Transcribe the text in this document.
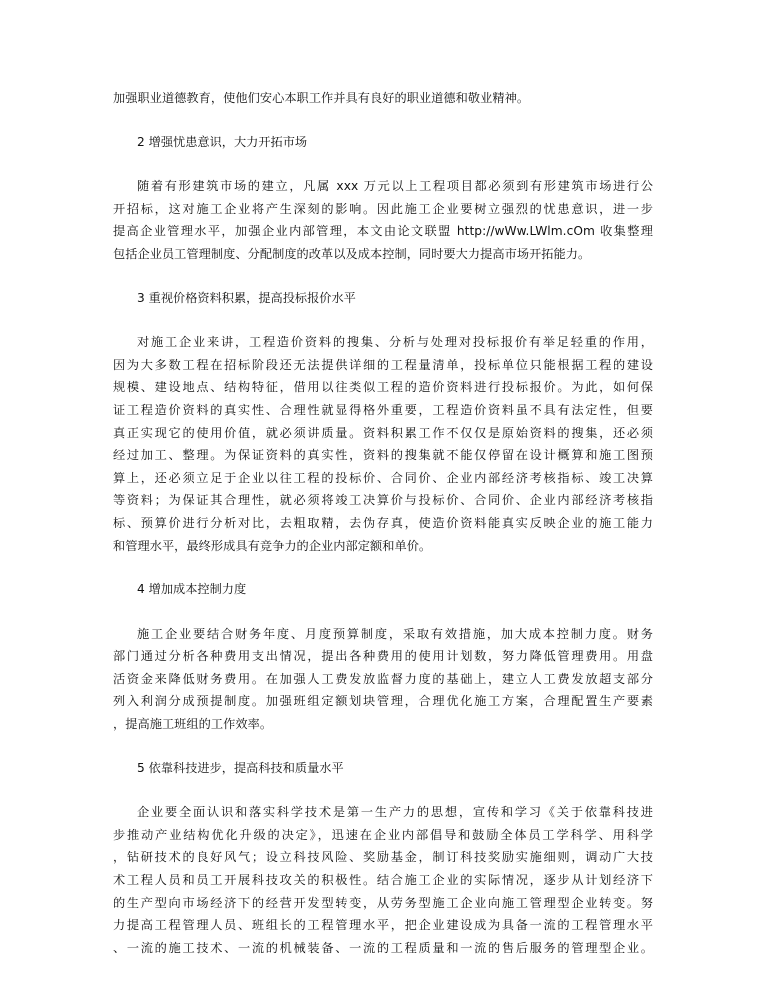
加强职业道德教育，使他们安心本职工作并具有良好的职业道德和敬业精神。

2 增强忧患意识，大力开拓市场

随着有形建筑市场的建立，凡属 xxx 万元以上工程项目都必须到有形建筑市场进行公
开招标，这对施工企业将产生深刻的影响。因此施工企业要树立强烈的忧患意识，进一步
提高企业管理水平，加强企业内部管理，本文由论文联盟 http://wWw.LWlm.cOm 收集整理
包括企业员工管理制度、分配制度的改革以及成本控制，同时要大力提高市场开拓能力。

3 重视价格资料积累，提高投标报价水平

对施工企业来讲，工程造价资料的搜集、分析与处理对投标报价有举足轻重的作用，
因为大多数工程在招标阶段还无法提供详细的工程量清单，投标单位只能根据工程的建设
规模、建设地点、结构特征，借用以往类似工程的造价资料进行投标报价。为此，如何保
证工程造价资料的真实性、合理性就显得格外重要，工程造价资料虽不具有法定性，但要
真正实现它的使用价值，就必须讲质量。资料积累工作不仅仅是原始资料的搜集，还必须
经过加工、整理。为保证资料的真实性，资料的搜集就不能仅停留在设计概算和施工图预
算上，还必须立足于企业以往工程的投标价、合同价、企业内部经济考核指标、竣工决算
等资料；为保证其合理性，就必须将竣工决算价与投标价、合同价、企业内部经济考核指
标、预算价进行分析对比，去粗取精，去伪存真，使造价资料能真实反映企业的施工能力
和管理水平，最终形成具有竞争力的企业内部定额和单价。

4 增加成本控制力度

施工企业要结合财务年度、月度预算制度，采取有效措施，加大成本控制力度。财务
部门通过分析各种费用支出情况，提出各种费用的使用计划数，努力降低管理费用。用盘
活资金来降低财务费用。在加强人工费发放监督力度的基础上，建立人工费发放超支部分
列入利润分成预提制度。加强班组定额划块管理，合理优化施工方案，合理配置生产要素
，提高施工班组的工作效率。

5 依靠科技进步，提高科技和质量水平

企业要全面认识和落实科学技术是第一生产力的思想，宣传和学习《关于依靠科技进
步推动产业结构优化升级的决定》，迅速在企业内部倡导和鼓励全体员工学科学、用科学
，钻研技术的良好风气；设立科技风险、奖励基金，制订科技奖励实施细则，调动广大技
术工程人员和员工开展科技攻关的积极性。结合施工企业的实际情况，逐步从计划经济下
的生产型向市场经济下的经营开发型转变，从劳务型施工企业向施工管理型企业转变。努
力提高工程管理人员、班组长的工程管理水平，把企业建设成为具备一流的工程管理水平
、一流的施工技术、一流的机械装备、一流的工程质量和一流的售后服务的管理型企业。
